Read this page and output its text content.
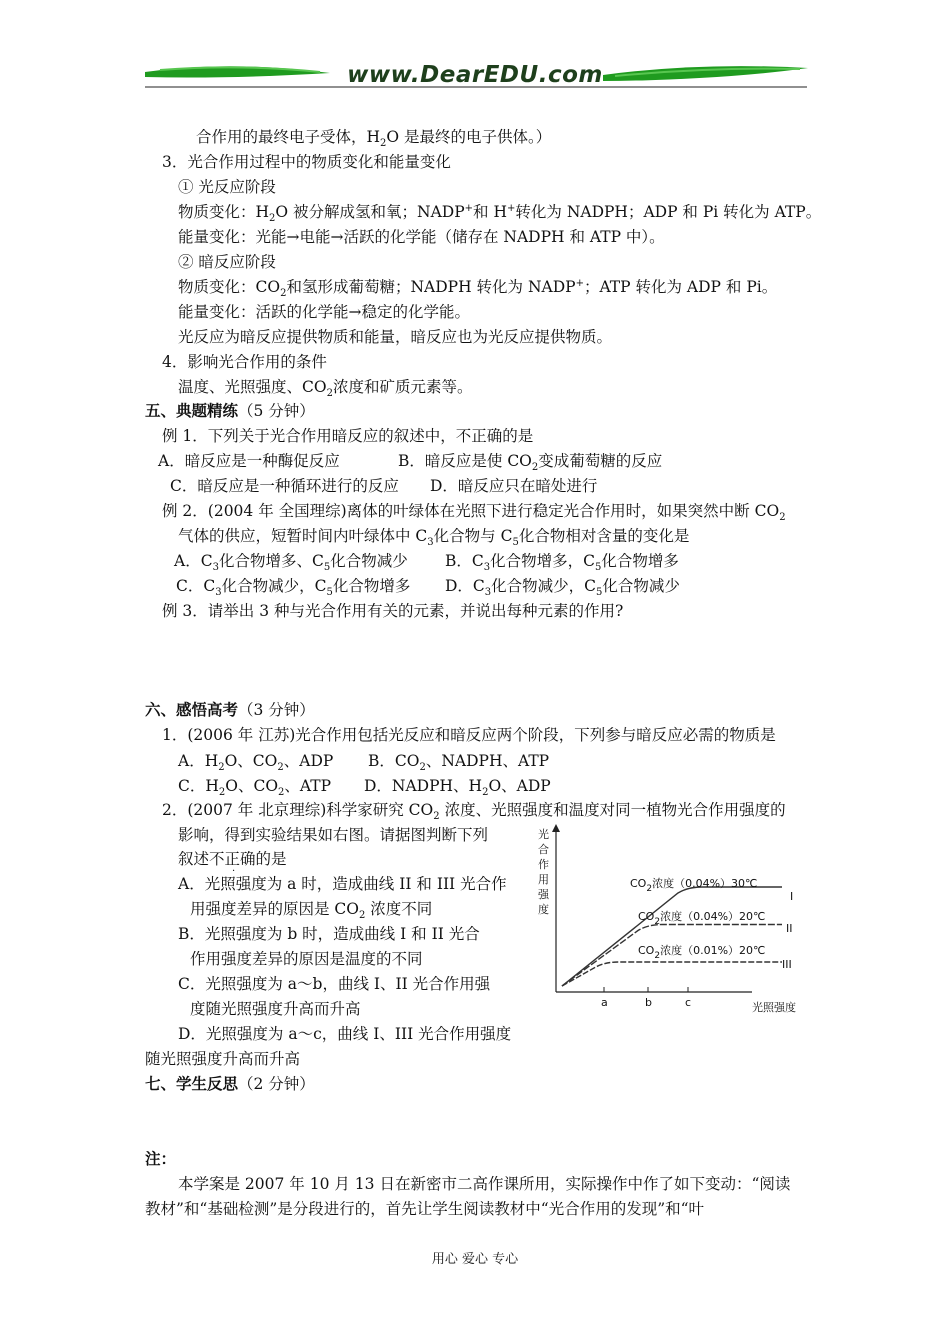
www.DearEDU.com
合作用的最终电子受体，$H_2O$ 是最终的电子供体。）
3．光合作用过程中的物质变化和能量变化
① 光反应阶段
物质变化：$H_2O$ 被分解成氢和氧；NADP+和 H+转化为 NADPH；ADP 和 Pi 转化为 ATP。
能量变化：光能→电能→活跃的化学能（储存在 NADPH 和 ATP 中）。
② 暗反应阶段
物质变化：$CO_2$和氢形成葡萄糖；NADPH 转化为 NADP+；ATP 转化为 ADP 和 Pi。
能量变化：活跃的化学能→稳定的化学能。
光反应为暗反应提供物质和能量，暗反应也为光反应提供物质。
4．影响光合作用的条件
温度、光照强度、$CO_2$浓度和矿质元素等。
五、典题精练（5 分钟）
例 1．下列关于光合作用暗反应的叙述中，不正确的是
A．暗反应是一种酶促反应	B．暗反应是使 $CO_2$变成葡萄糖的反应
C．暗反应是一种循环进行的反应 D．暗反应只在暗处进行
例 2．(2004 年 全国理综)离体的叶绿体在光照下进行稳定光合作用时，如果突然中断 $CO_2$
气体的供应，短暂时间内叶绿体中 $C_3$化合物与 $C_5$化合物相对含量的变化是
A．$C_3$化合物增多、$C_5$化合物减少 B．$C_3$化合物增多，$C_5$化合物增多
C．$C_3$化合物减少，$C_5$化合物增多 D．$C_3$化合物减少，$C_5$化合物减少
例 3．请举出 3 种与光合作用有关的元素，并说出每种元素的作用?
六、感悟高考（3 分钟）
1．(2006 年 江苏)光合作用包括光反应和暗反应两个阶段，下列参与暗反应必需的物质是
A．$H_2O$、$CO_2$、ADP B．$CO_2$、NADPH、ATP
C．$H_2O$、$CO_2$、ATP D．NADPH、$H_2O$、ADP
2．(2007 年 北京理综)科学家研究 $CO_2$ 浓度、光照强度和温度对同一植物光合作用强度的
影响，得到实验结果如右图。请据图判断下列
叙述不正确的是
·
A．光照强度为 a 时，造成曲线 II 和 III 光合作
用强度差异的原因是 $CO_2$ 浓度不同
B．光照强度为 b 时，造成曲线 I 和 II 光合
作用强度差异的原因是温度的不同
C．光照强度为 a～b，曲线 I、II 光合作用强
度随光照强度升高而升高
D．光照强度为 a～c，曲线 I、III 光合作用强度
随光照强度升高而升高
七、学生反思（2 分钟）
注：
本学案是 2007 年 10 月 13 日在新密市二高作课所用，实际操作中作了如下变动：“阅读
教材”和“基础检测”是分段进行的，首先让学生阅读教材中“光合作用的发现”和“叶
光合作用强度
光照强度
a	b	c
I
II
III
$CO_2$浓度（0.04%）30℃
$CO_2$浓度（0.04%）20℃
$CO_2$浓度（0.01%）20℃
用心 爱心 专心
